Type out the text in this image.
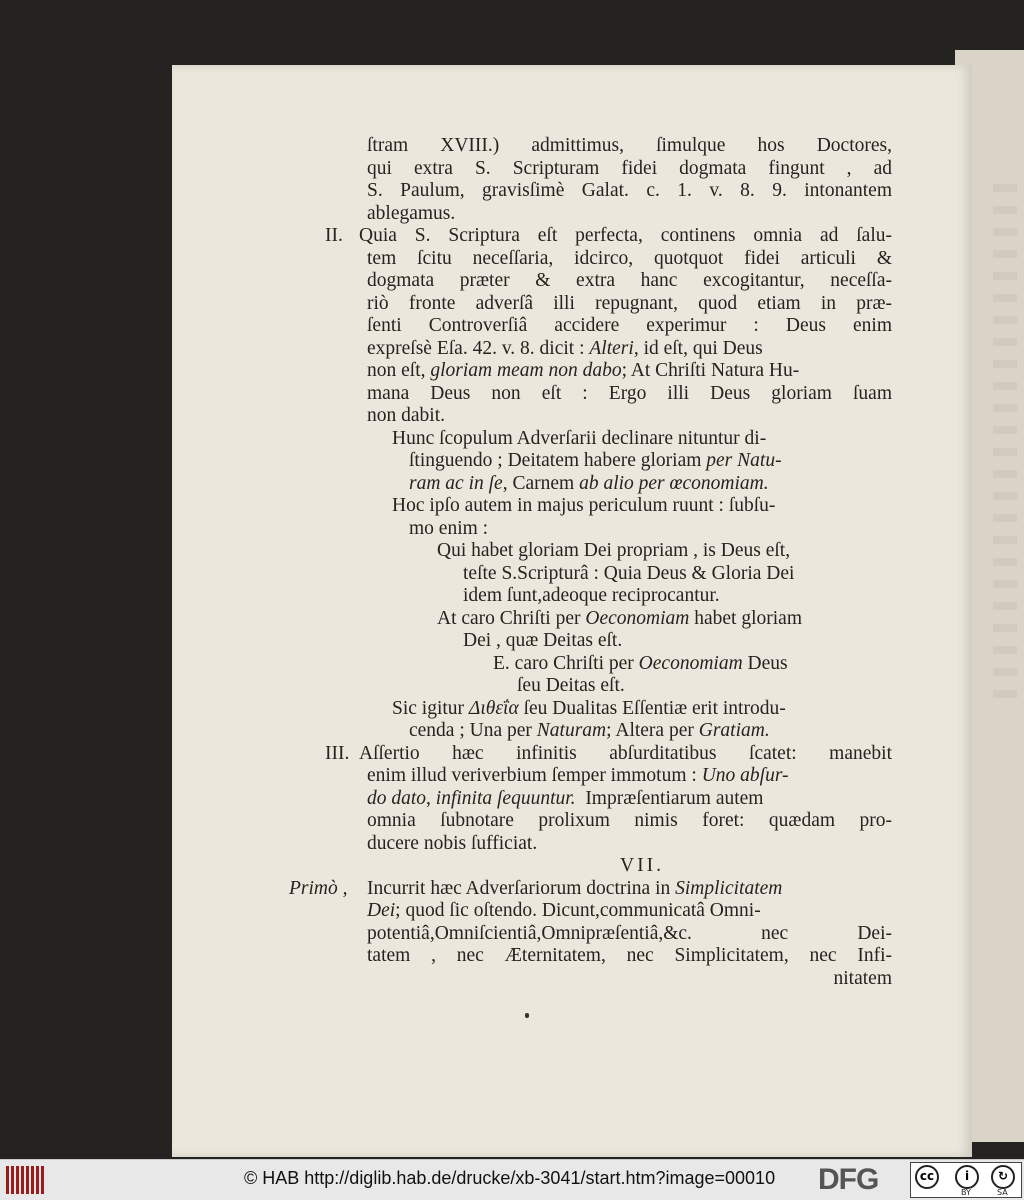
ſtram XVIII.) admittimus, ſimulque hos Doctores,
qui extra S. Scripturam fidei dogmata fingunt , ad
S. Paulum, gravisſimè Galat. c. 1. v. 8. 9. intonantem
ablegamus.
II. Quia S. Scriptura eſt perfecta, continens omnia ad ſalu-
tem ſcitu neceſſaria, idcirco, quotquot fidei articuli &
dogmata præter & extra hanc excogitantur, neceſſa-
riò fronte adverſâ illi repugnant, quod etiam in præ-
ſenti Controverſiâ accidere experimur : Deus enim
expreſsè Eſa. 42. v. 8. dicit :
Alteri , id eſt, qui Deus
non eſt,
gloriam meam non dabo ; At Chriſti Natura Hu-
mana Deus non eſt : Ergo illi Deus gloriam ſuam
non dabit.
Hunc ſcopulum Adverſarii declinare nituntur di-
ſtinguendo ; Deitatem habere gloriam
per Natu-
ram ac in ſe , Carnem
ab alio per œconomiam.
Hoc ipſo autem in majus periculum ruunt : ſubſu-
mo enim :
Qui habet gloriam Dei propriam , is Deus eſt,
teſte S.Scripturâ : Quia Deus & Gloria Dei
idem ſunt,adeoque reciprocantur.
At caro Chriſti per
Oeconomiam
habet gloriam
Dei , quæ Deitas eſt.
E. caro Chriſti per
Oeconomiam
Deus
ſeu Deitas eſt.
Sic igitur
Διθεΐα
ſeu Dualitas Eſſentiæ erit introdu-
cenda ; Una per
Naturam ; Altera per
Gratiam.
III. Aſſertio hæc infinitis abſurditatibus ſcatet: manebit
enim illud veriverbium ſemper immotum :
Uno abſur-
do dato ,
infinita ſequuntur.
Impræſentiarum autem
omnia ſubnotare prolixum nimis foret: quædam pro-
ducere nobis ſufficiat.
VII.
Primò , Incurrit hæc Adverſariorum doctrina in
Simplicitatem
Dei ; quod ſic oſtendo. Dicunt,communicatâ Omni-
potentiâ,Omniſcientiâ,Omnipræſentiâ,&c. nec Dei-
tatem , nec Æternitatem, nec Simplicitatem, nec Infi-
nitatem
© HAB http://diglib.hab.de/drucke/xb-3041/start.htm?image=00010 DFG	cc	i	↻
BY	SA
